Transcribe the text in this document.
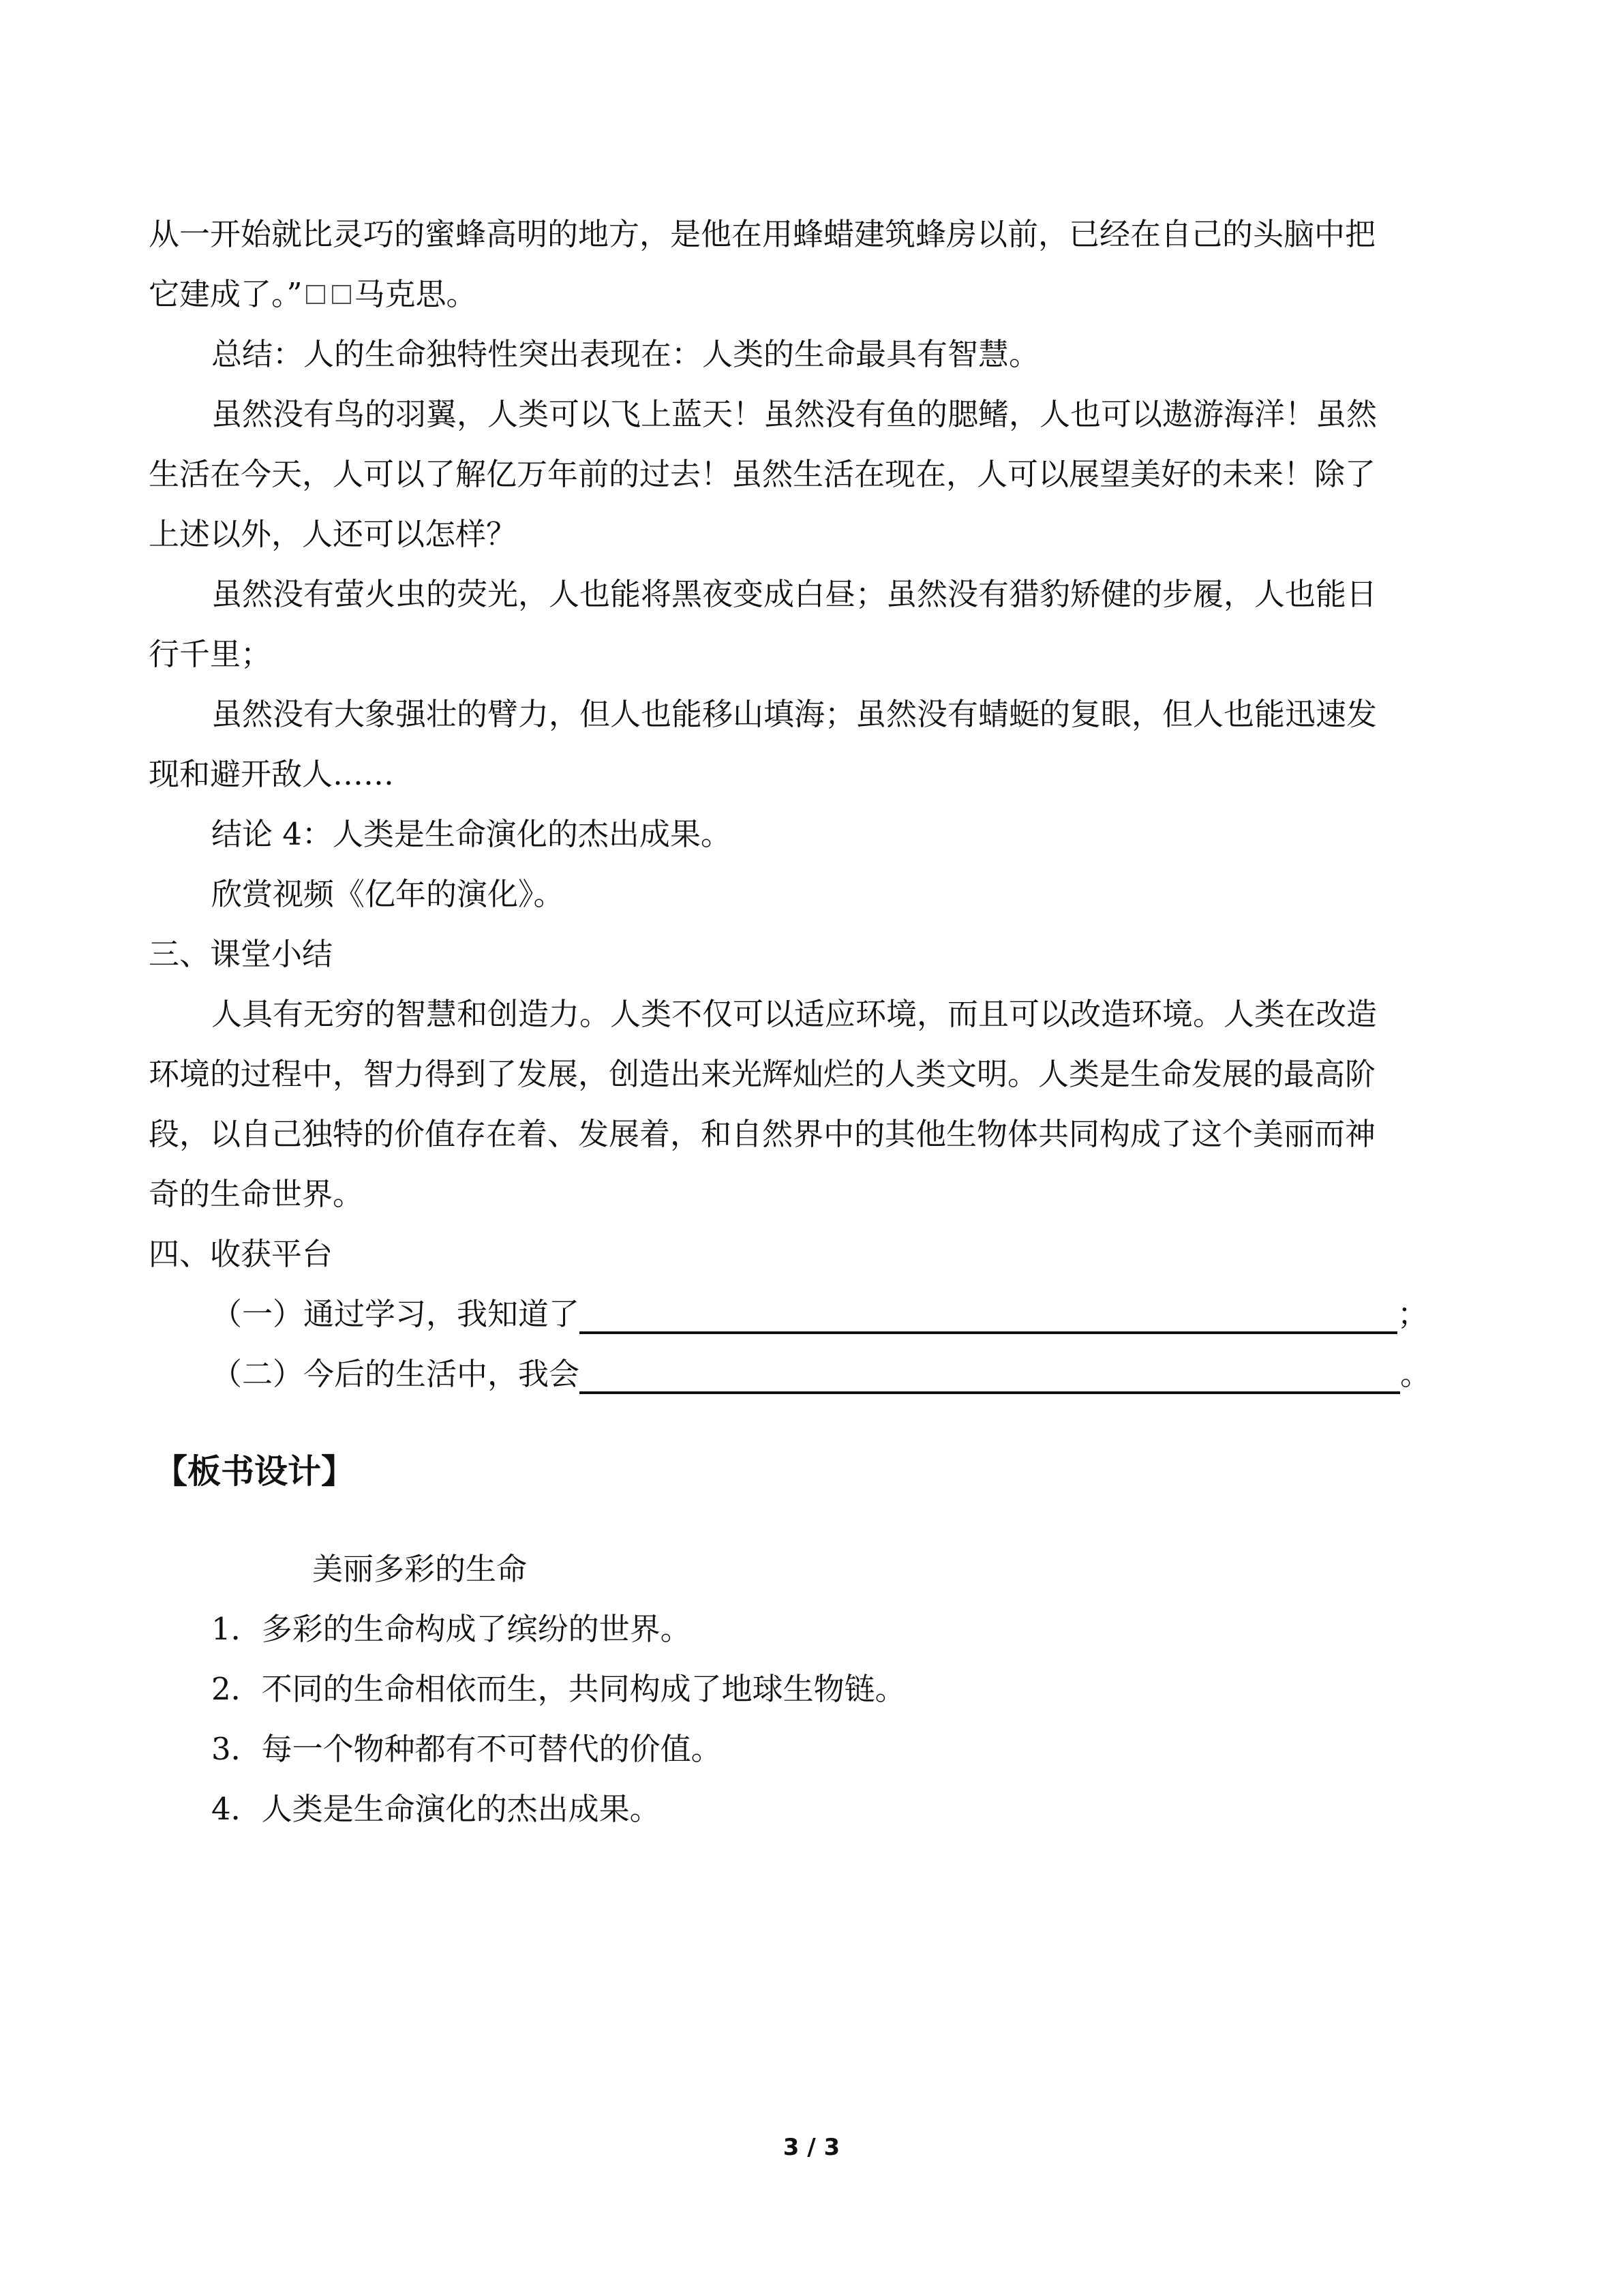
从一开始就比灵巧的蜜蜂高明的地方，是他在用蜂蜡建筑蜂房以前，已经在自己的头脑中把

它建成了。” 马克思。

总结：人的生命独特性突出表现在：人类的生命最具有智慧。

虽然没有鸟的羽翼，人类可以飞上蓝天！虽然没有鱼的腮鳍，人也可以遨游海洋！虽然

生活在今天，人可以了解亿万年前的过去！虽然生活在现在，人可以展望美好的未来！除了

上述以外，人还可以怎样？

虽然没有萤火虫的荧光，人也能将黑夜变成白昼；虽然没有猎豹矫健的步履，人也能日

行千里；

虽然没有大象强壮的臂力，但人也能移山填海；虽然没有蜻蜓的复眼，但人也能迅速发

现和避开敌人……

结论 4：人类是生命演化的杰出成果。

欣赏视频《亿年的演化》。

三、课堂小结

人具有无穷的智慧和创造力。人类不仅可以适应环境，而且可以改造环境。人类在改造

环境的过程中，智力得到了发展，创造出来光辉灿烂的人类文明。人类是生命发展的最高阶

段，以自己独特的价值存在着、发展着，和自然界中的其他生物体共同构成了这个美丽而神

奇的生命世界。

四、收获平台

（一）通过学习，我知道了	；

（二）今后的生活中，我会	。

【板书设计】

美丽多彩的生命

1．多彩的生命构成了缤纷的世界。

2．不同的生命相依而生，共同构成了地球生物链。

3．每一个物种都有不可替代的价值。

4．人类是生命演化的杰出成果。

3 / 3
